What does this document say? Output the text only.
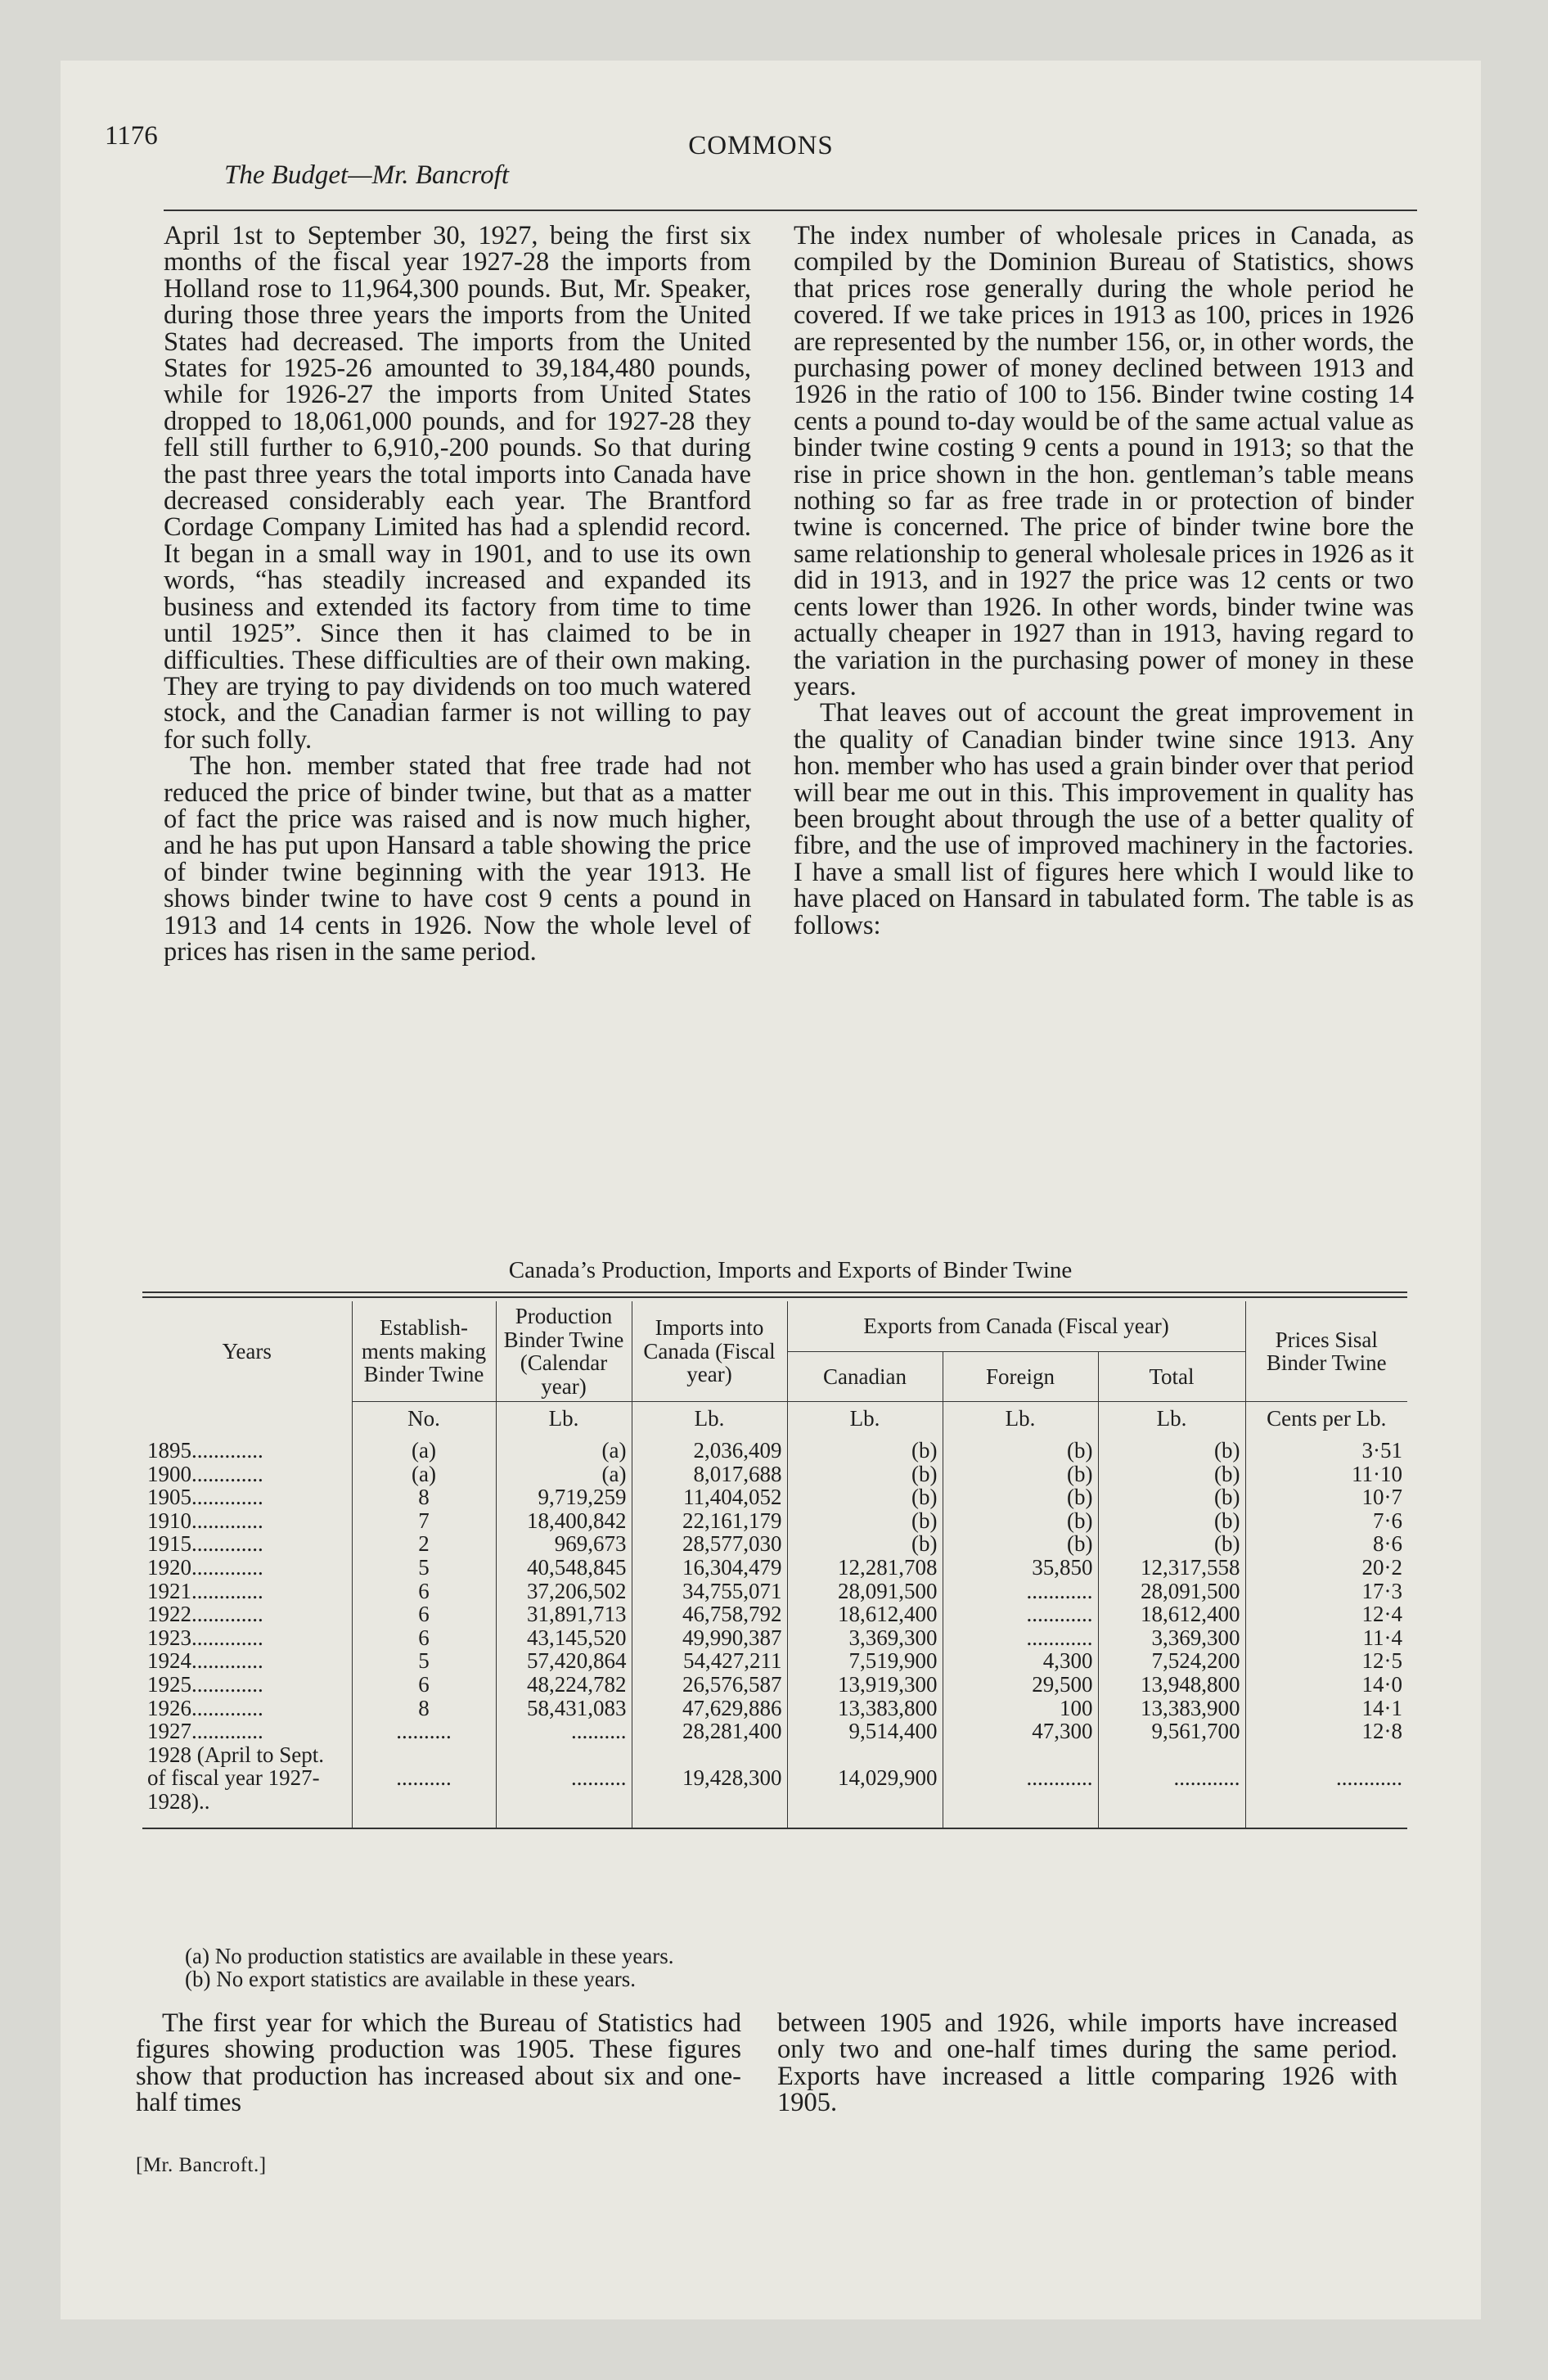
1176	COMMONS
The Budget—Mr. Bancroft

April 1st to September 30, 1927, being the first six months of the fiscal year 1927-28 the imports from Holland rose to 11,964,300 pounds. But, Mr. Speaker, during those three years the imports from the United States had decreased. The imports from the United States for 1925-26 amounted to 39,184,480 pounds, while for 1926-27 the imports from United States dropped to 18,061,000 pounds, and for 1927-28 they fell still further to 6,910,-200 pounds. So that during the past three years the total imports into Canada have decreased considerably each year. The Brantford Cordage Company Limited has had a splendid record. It began in a small way in 1901, and to use its own words, “has steadily increased and expanded its business and extended its factory from time to time until 1925”. Since then it has claimed to be in difficulties. These difficulties are of their own making. They are trying to pay dividends on too much watered stock, and the Canadian farmer is not willing to pay for such folly.

The hon. member stated that free trade had not reduced the price of binder twine, but that as a matter of fact the price was raised and is now much higher, and he has put upon Hansard a table showing the price of binder twine beginning with the year 1913. He shows binder twine to have cost 9 cents a pound in 1913 and 14 cents in 1926. Now the whole level of prices has risen in the same period.

The index number of wholesale prices in Canada, as compiled by the Dominion Bureau of Statistics, shows that prices rose generally during the whole period he covered. If we take prices in 1913 as 100, prices in 1926 are represented by the number 156, or, in other words, the purchasing power of money declined between 1913 and 1926 in the ratio of 100 to 156. Binder twine costing 14 cents a pound to-day would be of the same actual value as binder twine costing 9 cents a pound in 1913; so that the rise in price shown in the hon. gentleman’s table means nothing so far as free trade in or protection of binder twine is concerned. The price of binder twine bore the same relationship to general wholesale prices in 1926 as it did in 1913, and in 1927 the price was 12 cents or two cents lower than 1926. In other words, binder twine was actually cheaper in 1927 than in 1913, having regard to the variation in the purchasing power of money in these years.

That leaves out of account the great improvement in the quality of Canadian binder twine since 1913. Any hon. member who has used a grain binder over that period will bear me out in this. This improvement in quality has been brought about through the use of a better quality of fibre, and the use of improved machinery in the factories. I have a small list of figures here which I would like to have placed on Hansard in tabulated form. The table is as follows:

Canada’s Production, Imports and Exports of Binder Twine
Years	Establish-ments making Binder Twine	Production Binder Twine (Calendar year)	Imports into Canada (Fiscal year)	Exports from Canada (Fiscal year)			Prices Sisal Binder Twine
				Canadian	Foreign	Total	
	No.	Lb.	Lb.	Lb.	Lb.	Lb.	Cents per Lb.
1895.............	(a)	(a)	2,036,409	(b)	(b)	(b)	3·51
1900.............	(a)	(a)	8,017,688	(b)	(b)	(b)	11·10
1905.............	8	9,719,259	11,404,052	(b)	(b)	(b)	10·7
1910.............	7	18,400,842	22,161,179	(b)	(b)	(b)	7·6
1915.............	2	969,673	28,577,030	(b)	(b)	(b)	8·6
1920.............	5	40,548,845	16,304,479	12,281,708	35,850	12,317,558	20·2
1921.............	6	37,206,502	34,755,071	28,091,500	............	28,091,500	17·3
1922.............	6	31,891,713	46,758,792	18,612,400	............	18,612,400	12·4
1923.............	6	43,145,520	49,990,387	3,369,300	............	3,369,300	11·4
1924.............	5	57,420,864	54,427,211	7,519,900	4,300	7,524,200	12·5
1925.............	6	48,224,782	26,576,587	13,919,300	29,500	13,948,800	14·0
1926.............	8	58,431,083	47,629,886	13,383,800	100	13,383,900	14·1
1927.............	..........	..........	28,281,400	9,514,400	47,300	9,561,700	12·8
1928 (April to Sept. of fiscal year 1927-1928)..	..........	..........	19,428,300	14,029,900	............	............	............

(a) No production statistics are available in these years.
(b) No export statistics are available in these years.

The first year for which the Bureau of Statistics had figures showing production was 1905. These figures show that production has increased about six and one-half times

between 1905 and 1926, while imports have increased only two and one-half times during the same period. Exports have increased a little comparing 1926 with 1905.

[Mr. Bancroft.]
